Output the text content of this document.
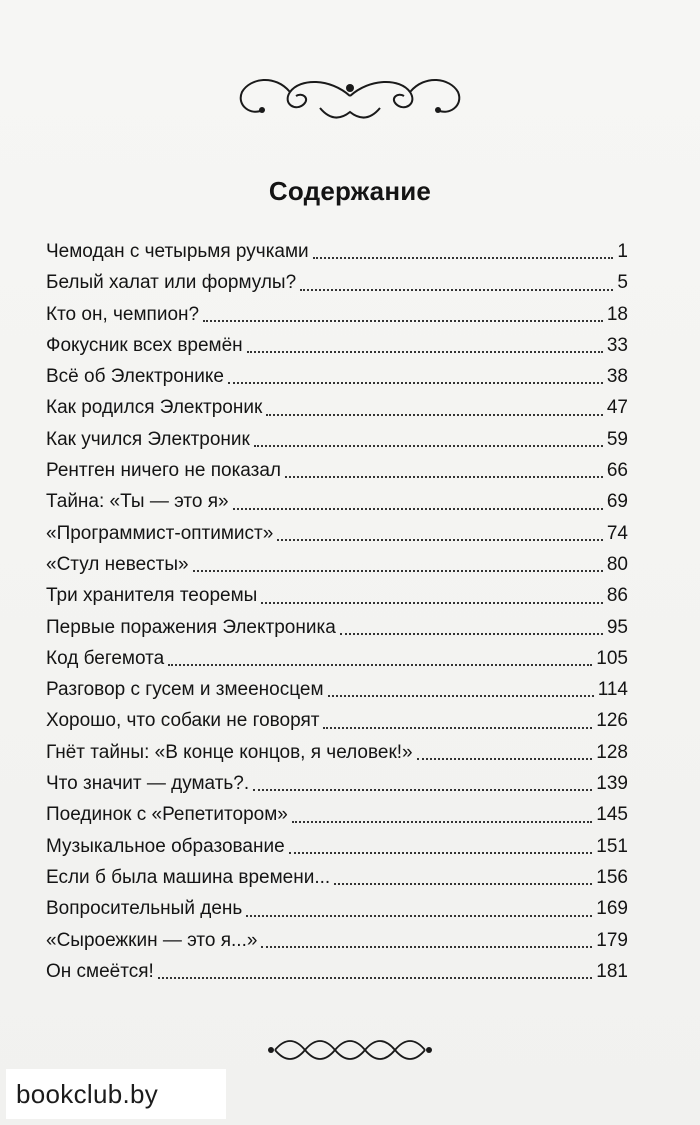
Содержание
Чемодан с четырьмя ручками	1
Белый халат или формулы?	5
Кто он, чемпион?	18
Фокусник всех времён	33
Всё об Электронике	38
Как родился Электроник	47
Как учился Электроник	59
Рентген ничего не показал	66
Тайна: «Ты — это я»	69
«Программист-оптимист»	74
«Стул невесты»	80
Три хранителя теоремы	86
Первые поражения Электроника	95
Код бегемота	105
Разговор с гусем и змееносцем	114
Хорошо, что собаки не говорят	126
Гнёт тайны: «В конце концов, я человек!»	128
Что значит — думать?.	139
Поединок с «Репетитором»	145
Музыкальное образование	151
Если б была машина времени...	156
Вопросительный день	169
«Сыроежкин — это я...»	179
Он смеётся!	181
bookclub.by
